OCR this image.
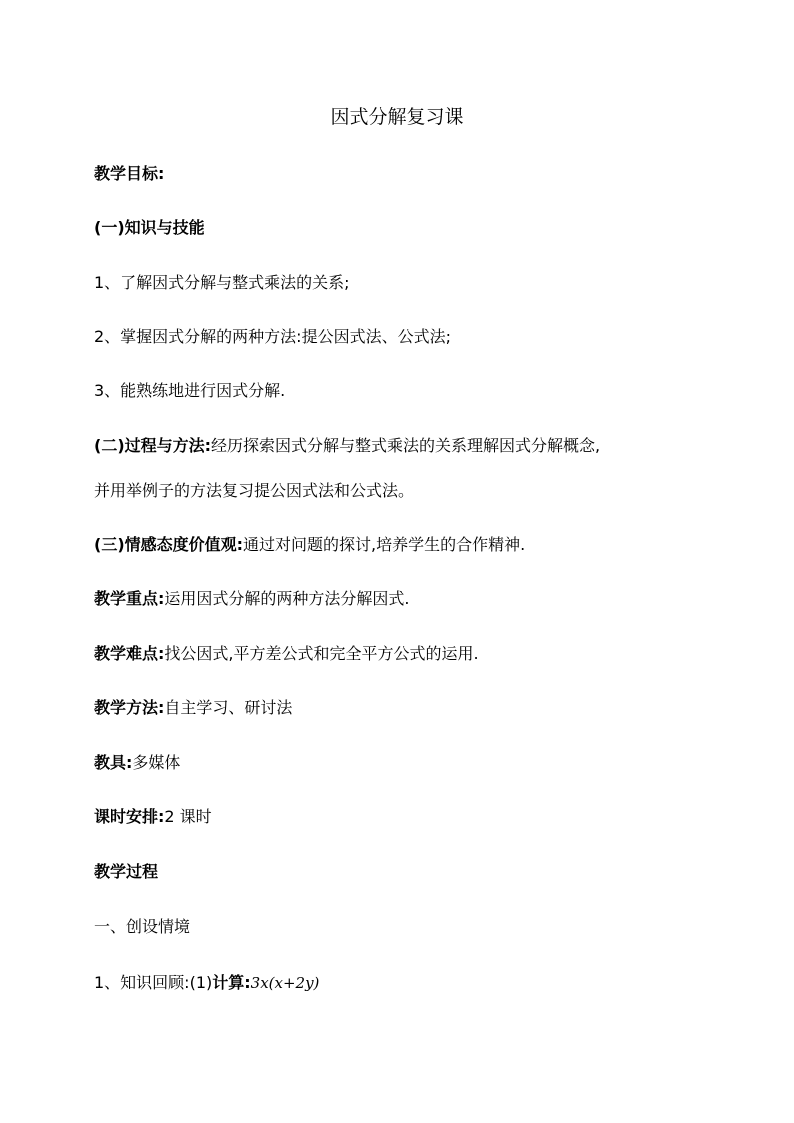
因式分解复习课
教学目标:
(一)知识与技能
1、了解因式分解与整式乘法的关系;
2、掌握因式分解的两种方法:提公因式法、公式法;
3、能熟练地进行因式分解.
(二)过程与方法:经历探索因式分解与整式乘法的关系理解因式分解概念,
并用举例子的方法复习提公因式法和公式法。
(三)情感态度价值观:通过对问题的探讨,培养学生的合作精神.
教学重点:运用因式分解的两种方法分解因式.
教学难点:找公因式,平方差公式和完全平方公式的运用.
教学方法:自主学习、研讨法
教具:多媒体
课时安排:2 课时
教学过程
一、创设情境
1、知识回顾:(1)计算:3x(x+2y)
